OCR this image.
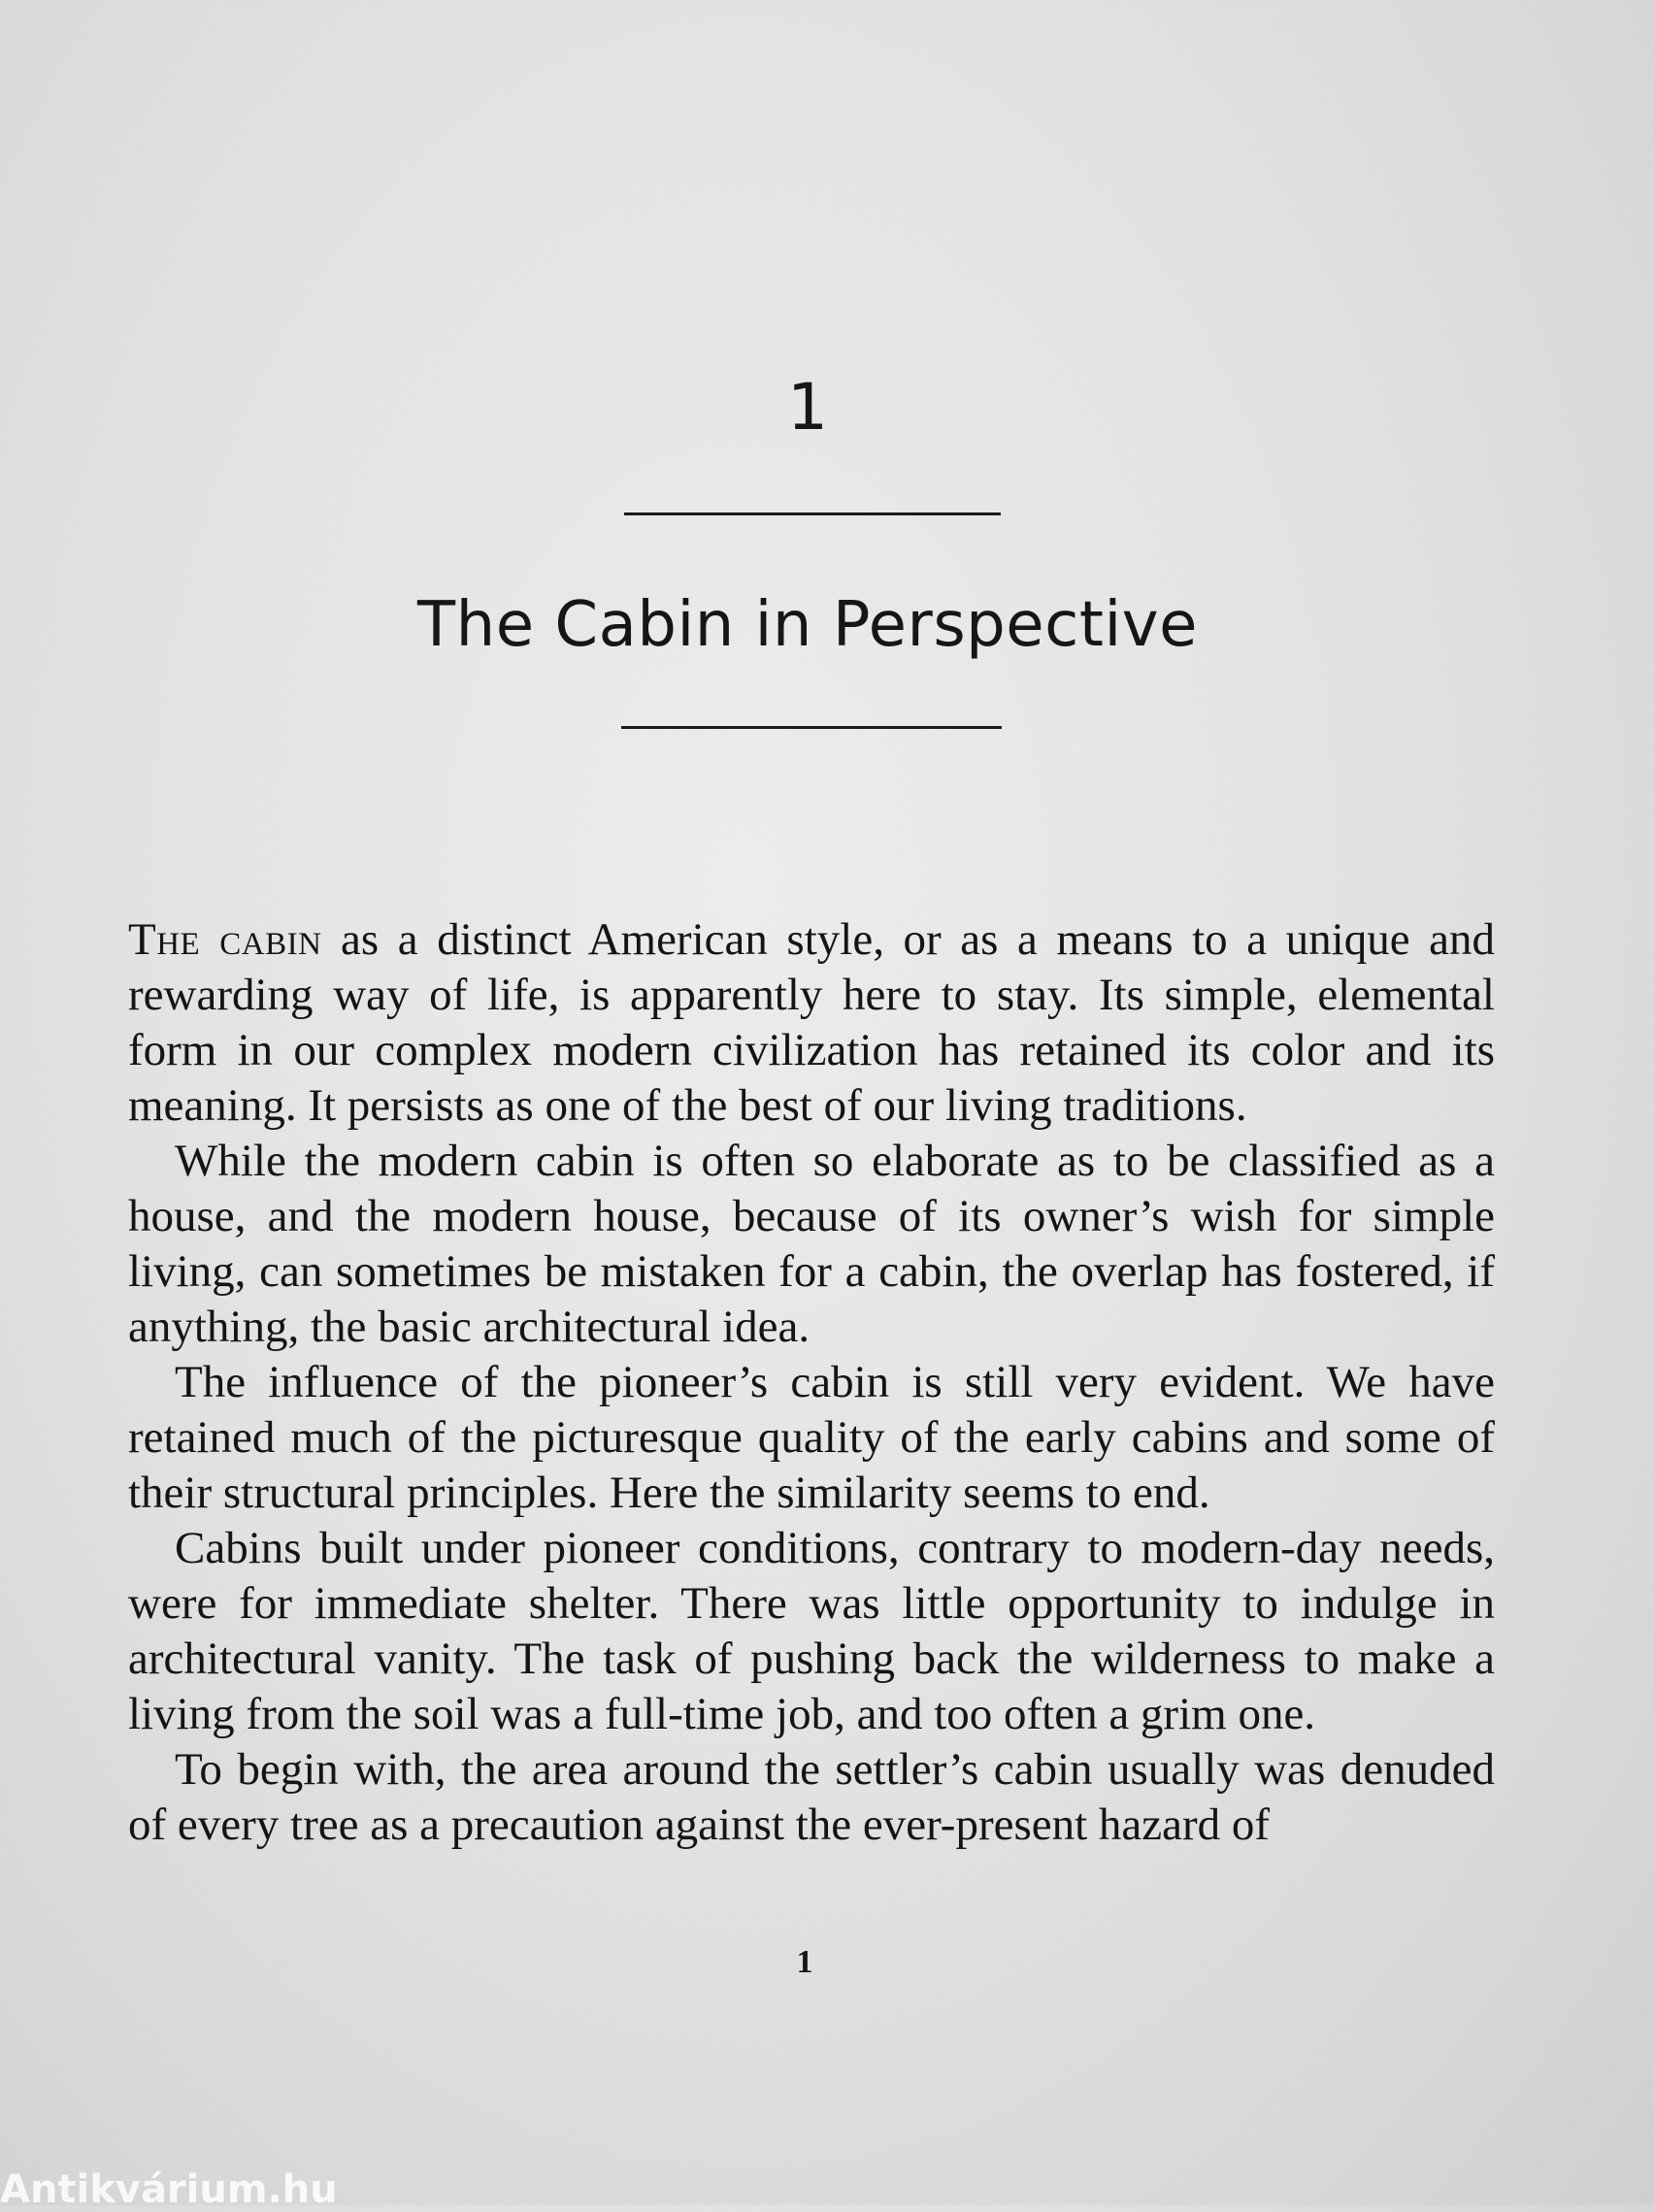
1
The Cabin in Perspective

The cabin as a distinct American style, or as a means to a unique and rewarding way of life, is apparently here to stay. Its simple, elemental form in our complex modern civilization has retained its color and its meaning. It persists as one of the best of our living traditions.

While the modern cabin is often so elaborate as to be classified as a house, and the modern house, because of its owner’s wish for simple living, can sometimes be mistaken for a cabin, the overlap has fostered, if anything, the basic architectural idea.

The influence of the pioneer’s cabin is still very evident. We have retained much of the picturesque quality of the early cabins and some of their structural principles. Here the similarity seems to end.

Cabins built under pioneer conditions, contrary to modern-day needs, were for immediate shelter. There was little opportunity to indulge in architectural vanity. The task of pushing back the wilderness to make a living from the soil was a full-time job, and too often a grim one.

To begin with, the area around the settler’s cabin usually was denuded of every tree as a precaution against the ever-present hazard of

1
Antikvárium.hu
